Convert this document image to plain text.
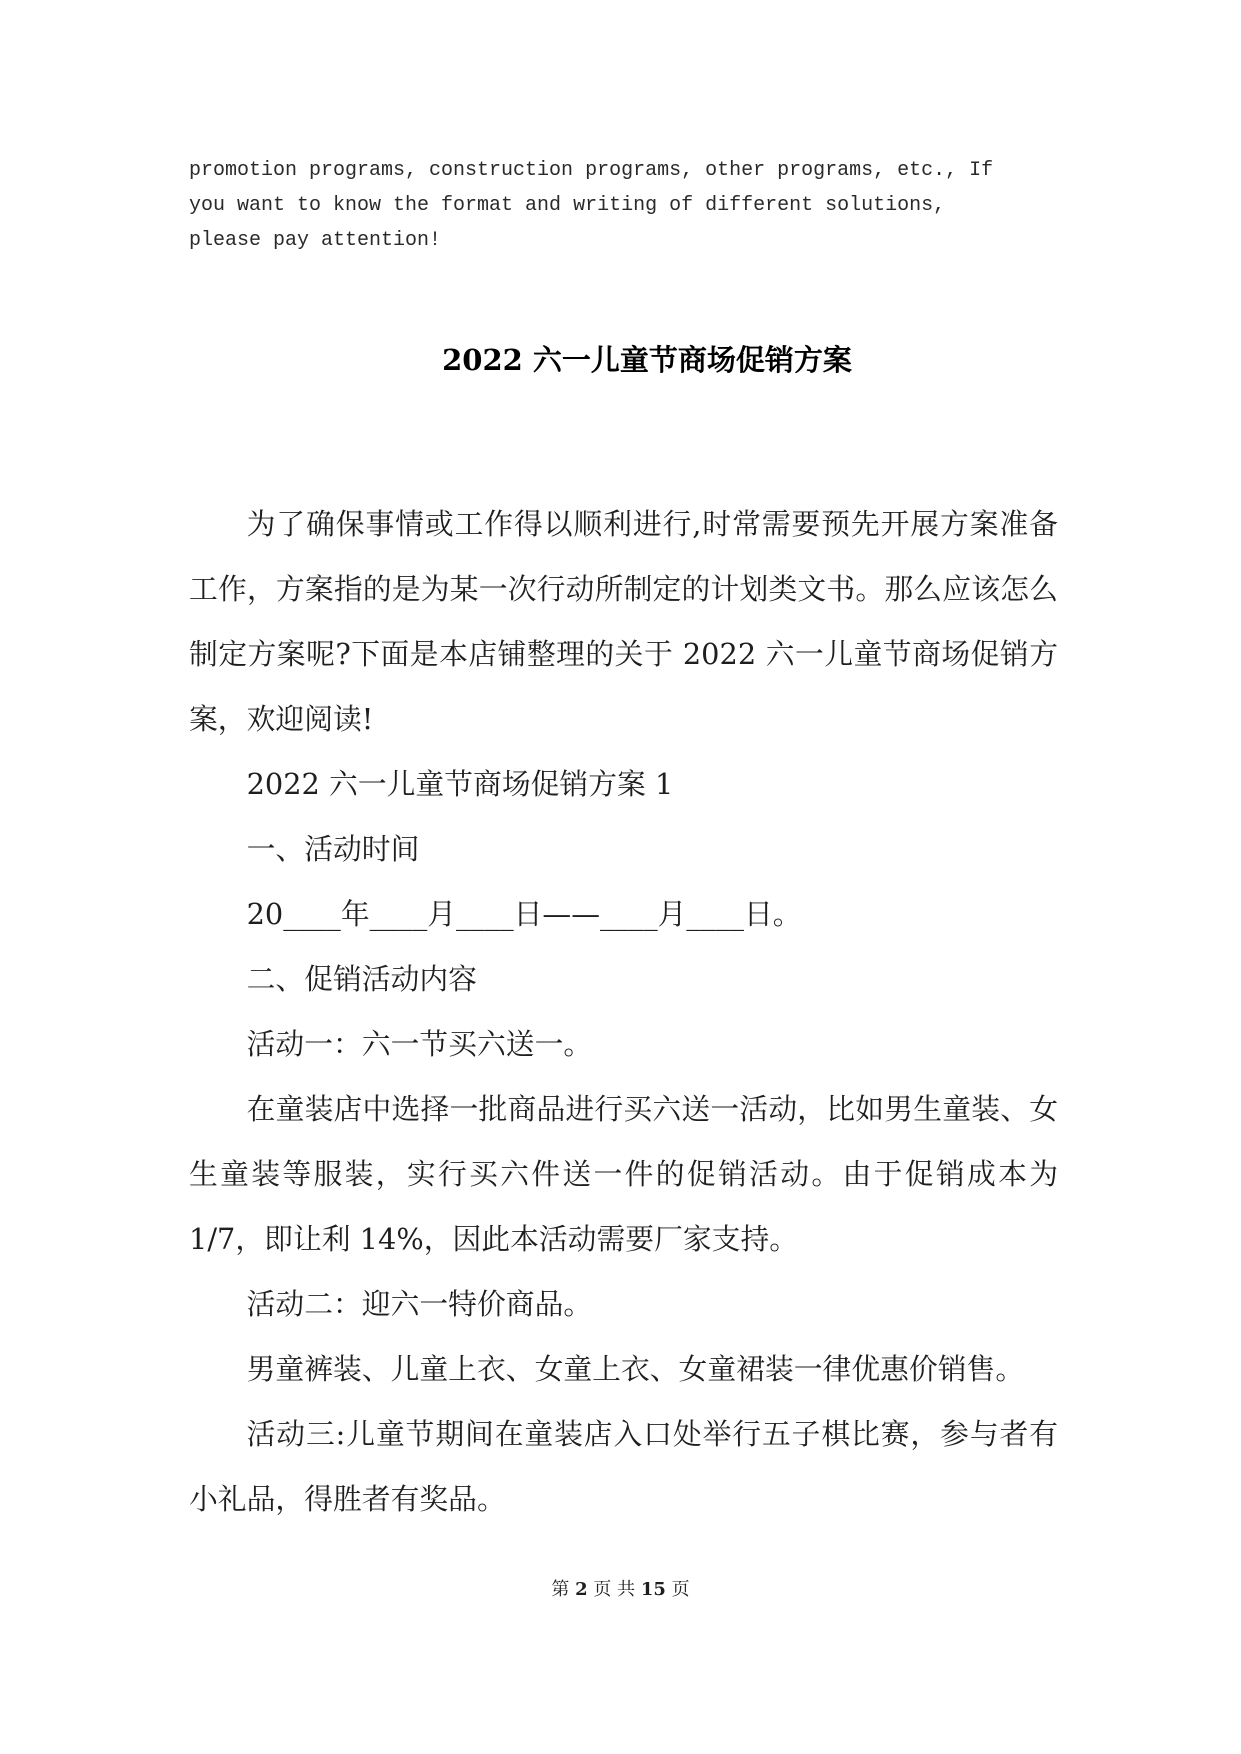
promotion programs, construction programs, other programs, etc., If
you want to know the format and writing of different solutions,
please pay attention!
2022 六一儿童节商场促销方案
为了确保事情或工作得以顺利进行,时常需要预先开展方案准备
工作，方案指的是为某一次行动所制定的计划类文书。那么应该怎么
制定方案呢?下面是本店铺整理的关于 2022 六一儿童节商场促销方
案，欢迎阅读!
2022 六一儿童节商场促销方案 1
一、活动时间
20____年____月____日——____月____日。
二、促销活动内容
活动一：六一节买六送一。
在童装店中选择一批商品进行买六送一活动，比如男生童装、女
生童装等服装，实行买六件送一件的促销活动。由于促销成本为
1/7，即让利 14%，因此本活动需要厂家支持。
活动二：迎六一特价商品。
男童裤装、儿童上衣、女童上衣、女童裙装一律优惠价销售。
活动三:儿童节期间在童装店入口处举行五子棋比赛，参与者有
小礼品，得胜者有奖品。
第 2 页 共 15 页
